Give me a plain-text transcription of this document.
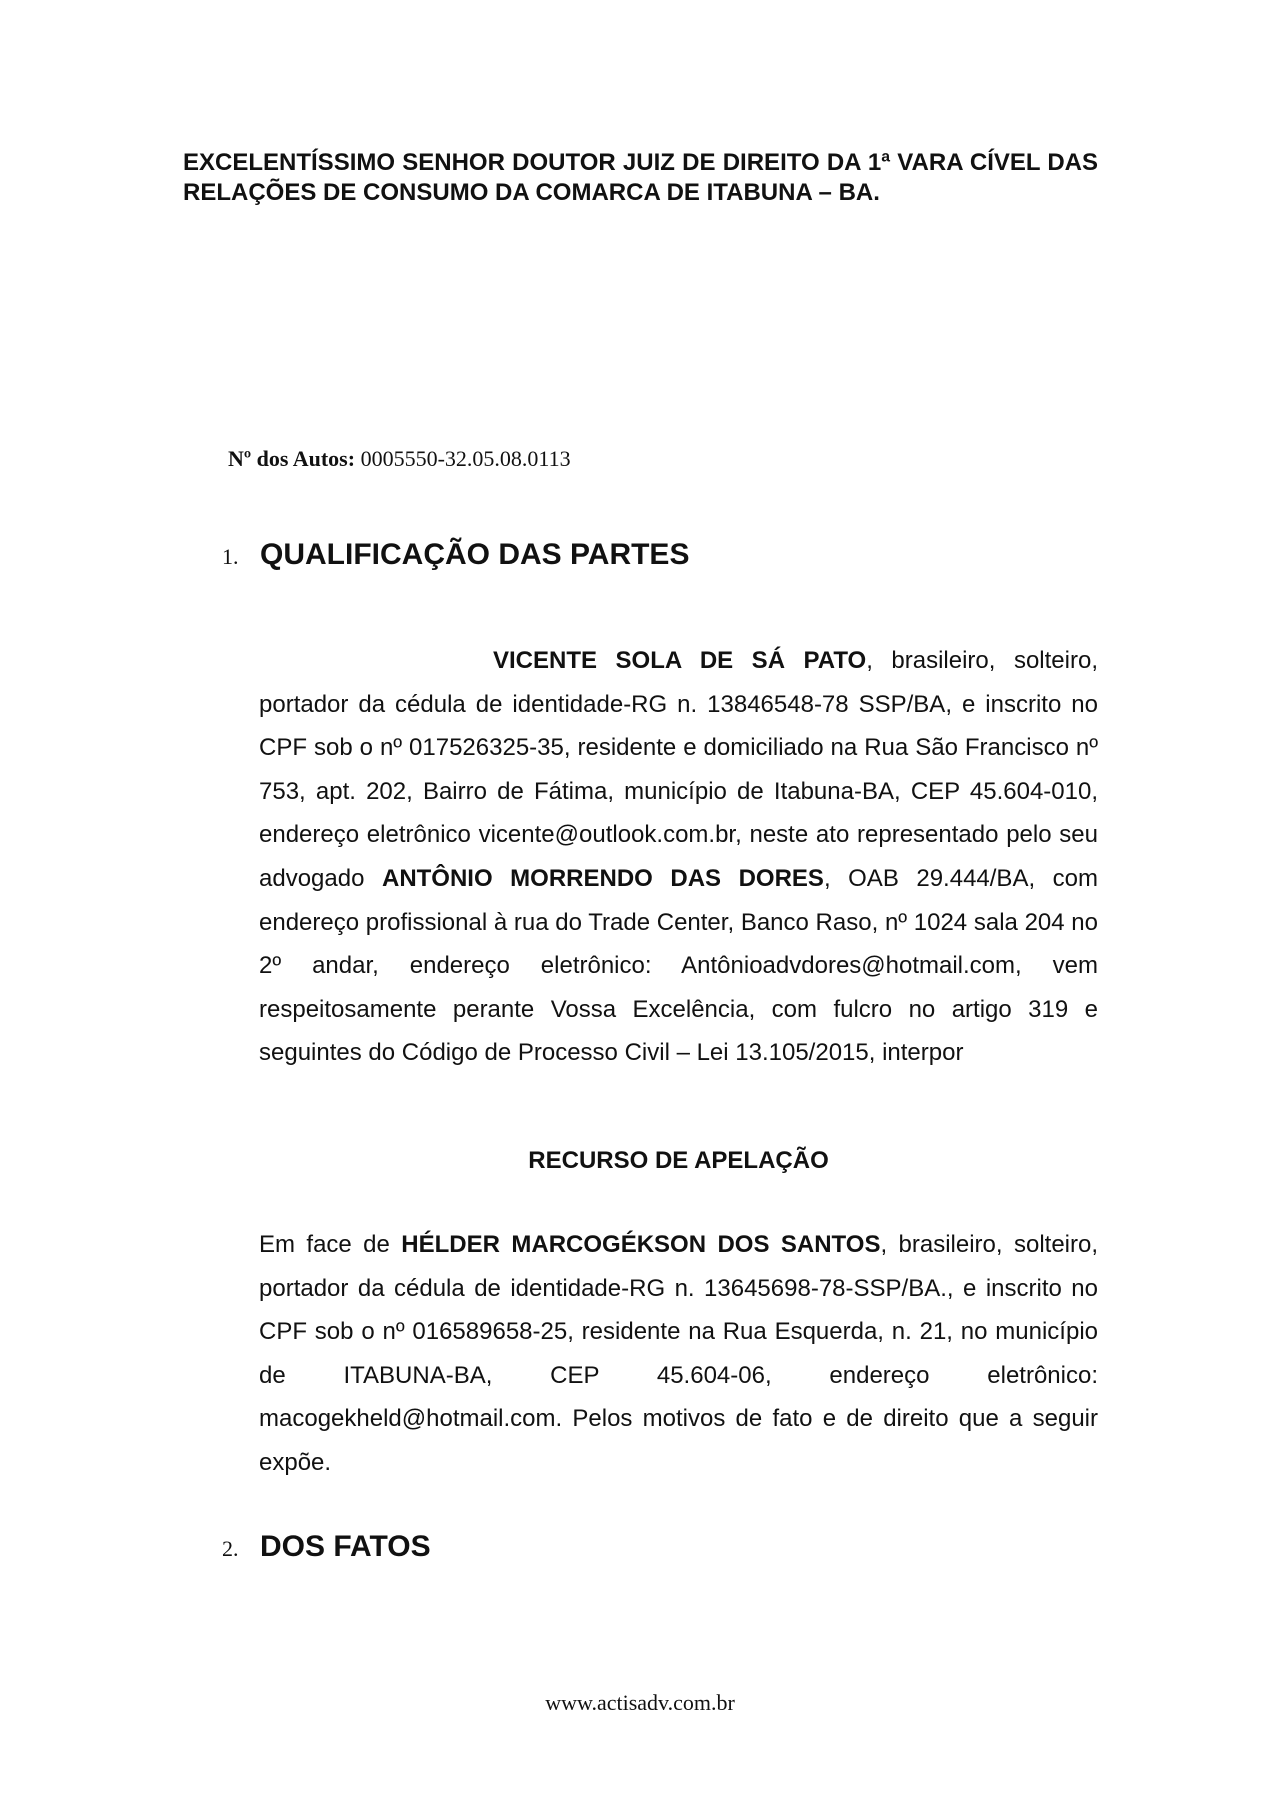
EXCELENTÍSSIMO SENHOR DOUTOR JUIZ DE DIREITO DA 1ª VARA CÍVEL DAS RELAÇÕES DE CONSUMO DA COMARCA DE ITABUNA – BA.
Nº dos Autos: 0005550-32.05.08.0113
1. QUALIFICAÇÃO DAS PARTES
VICENTE SOLA DE SÁ PATO, brasileiro, solteiro, portador da cédula de identidade-RG n. 13846548-78 SSP/BA, e inscrito no CPF sob o nº 017526325-35, residente e domiciliado na Rua São Francisco nº 753, apt. 202, Bairro de Fátima, município de Itabuna-BA, CEP 45.604-010, endereço eletrônico vicente@outlook.com.br, neste ato representado pelo seu advogado ANTÔNIO MORRENDO DAS DORES, OAB 29.444/BA, com endereço profissional à rua do Trade Center, Banco Raso, nº 1024 sala 204 no 2º andar, endereço eletrônico: Antônioadvdores@hotmail.com, vem respeitosamente perante Vossa Excelência, com fulcro no artigo 319 e seguintes do Código de Processo Civil – Lei 13.105/2015, interpor
RECURSO DE APELAÇÃO
Em face de HÉLDER MARCOGÉKSON DOS SANTOS, brasileiro, solteiro, portador da cédula de identidade-RG n. 13645698-78-SSP/BA., e inscrito no CPF sob o nº 016589658-25, residente na Rua Esquerda, n. 21, no município de ITABUNA-BA, CEP 45.604-06, endereço eletrônico: macogekheld@hotmail.com. Pelos motivos de fato e de direito que a seguir expõe.
2. DOS FATOS
www.actisadv.com.br
